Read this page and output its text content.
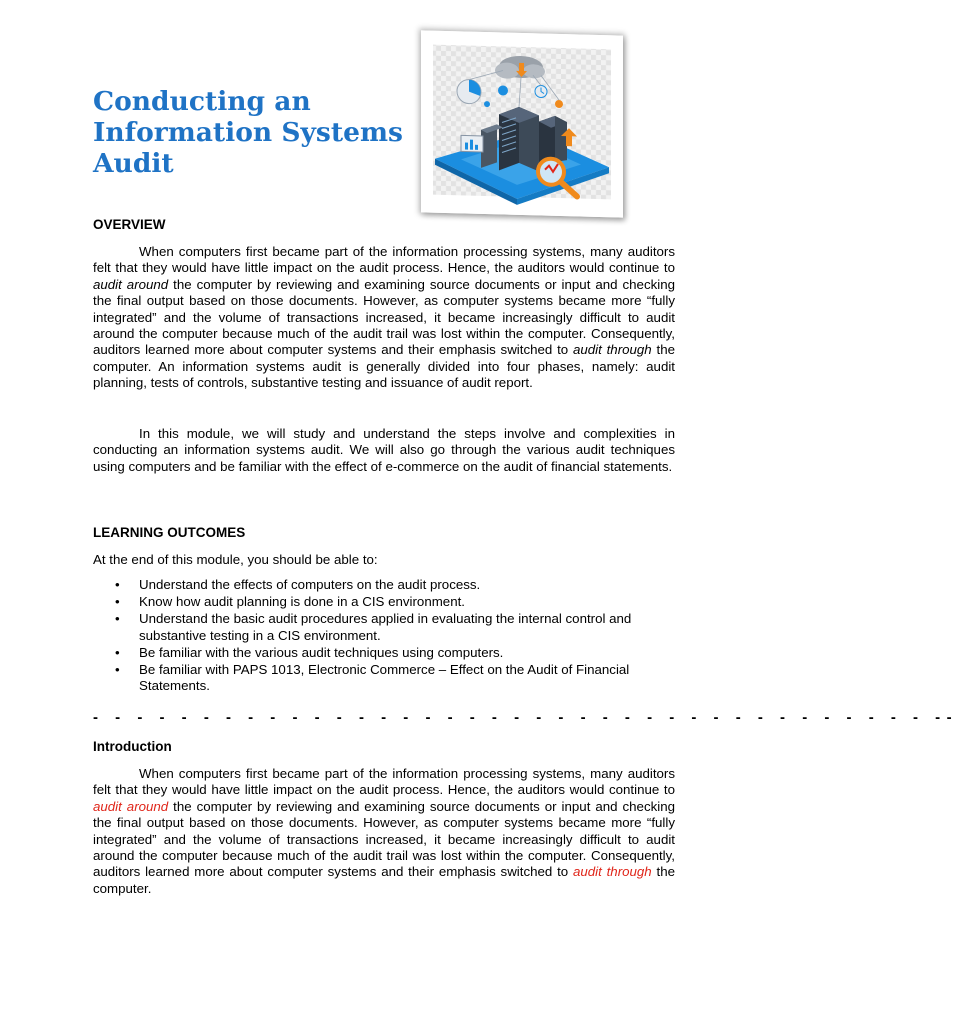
Conducting an Information Systems Audit
OVERVIEW

When computers first became part of the information processing systems, many auditors felt that they would have little impact on the audit process. Hence, the auditors would continue to audit around the computer by reviewing and examining source documents or input and checking the final output based on those documents. However, as computer systems became more “fully integrated” and the volume of transactions increased, it became increasingly difficult to audit around the computer because much of the audit trail was lost within the computer. Consequently, auditors learned more about computer systems and their emphasis switched to audit through the computer. An information systems audit is generally divided into four phases, namely: audit planning, tests of controls, substantive testing and issuance of audit report.

In this module, we will study and understand the steps involve and complexities in conducting an information systems audit. We will also go through the various audit techniques using computers and be familiar with the effect of e-commerce on the audit of financial statements.

LEARNING OUTCOMES

At the end of this module, you should be able to:

• Understand the effects of computers on the audit process.
• Know how audit planning is done in a CIS environment.
• Understand the basic audit procedures applied in evaluating the internal control and substantive testing in a CIS environment.
• Be familiar with the various audit techniques using computers.
• Be familiar with PAPS 1013, Electronic Commerce – Effect on the Audit of Financial Statements.
- - - - - - - - - - - - - - - - - - - - - - - - - - - - - - - - - - - - - - --
Introduction

When computers first became part of the information processing systems, many auditors felt that they would have little impact on the audit process. Hence, the auditors would continue to audit around the computer by reviewing and examining source documents or input and checking the final output based on those documents. However, as computer systems became more “fully integrated” and the volume of transactions increased, it became increasingly difficult to audit around the computer because much of the audit trail was lost within the computer. Consequently, auditors learned more about computer systems and their emphasis switched to audit through the computer.
